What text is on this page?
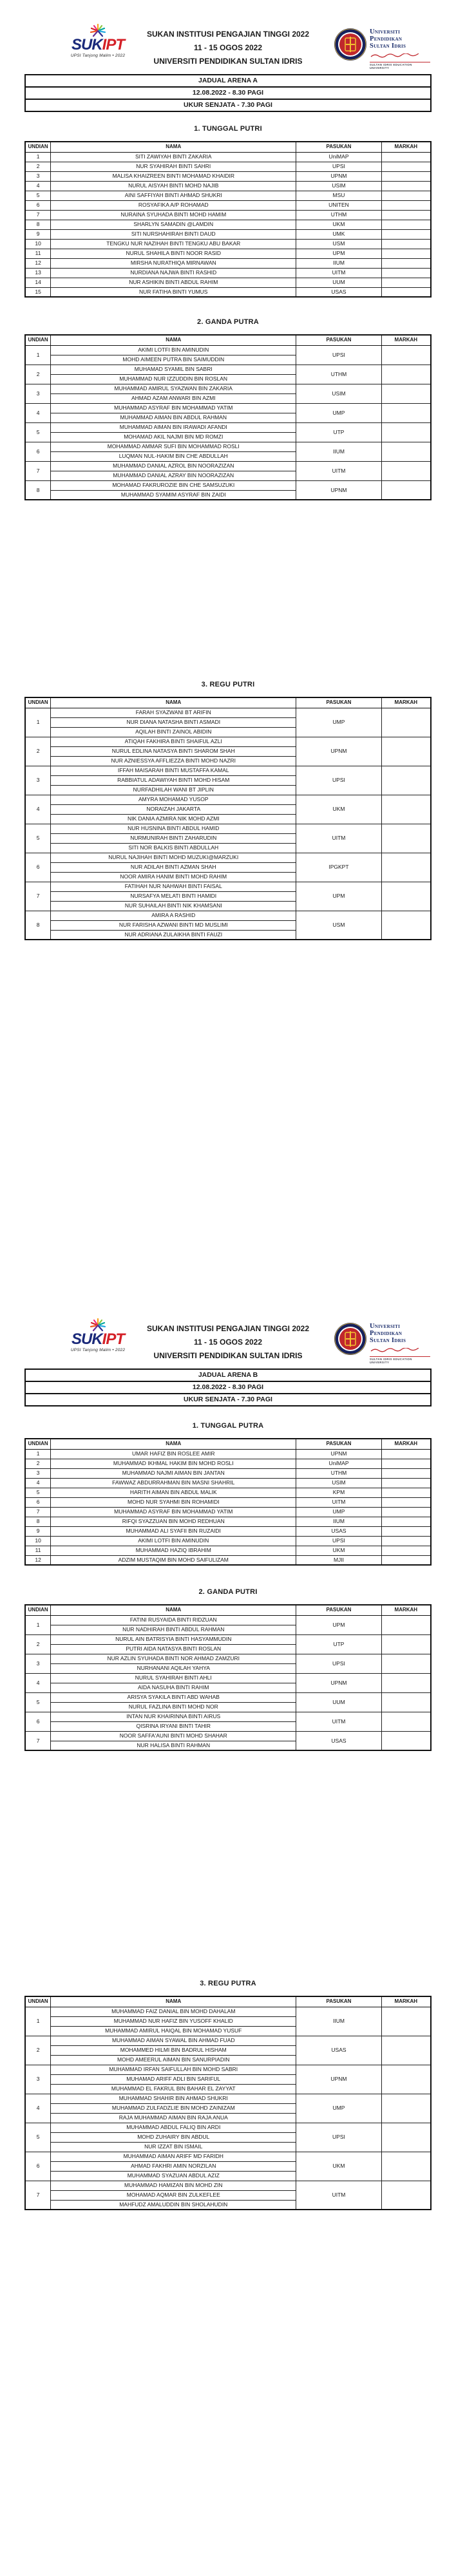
SUKIPT
UPSI Tanjong Malim • 2022
SUKAN INSTITUSI PENGAJIAN TINGGI 2022
11 - 15 OGOS 2022
UNIVERSITI PENDIDIKAN SULTAN IDRIS
Universiti
Pendidikan
Sultan Idris
SULTAN IDRIS EDUCATION UNIVERSITY
JADUAL ARENA A
12.08.2022 - 8.30 PAGI
UKUR SENJATA - 7.30 PAGI
1. TUNGGAL PUTRI
UNDIAN	NAMA	PASUKAN	MARKAH
1	SITI ZAWIYAH BINTI ZAKARIA	UniMAP	
2	NUR SYAHIRAH BINTI SAHRI	UPSI	
3	MALISA KHAIZREEN BINTI MOHAMAD KHAIDIR	UPNM	
4	NURUL AISYAH BINTI MOHD NAJIB	USIM	
5	AINI SAFFIYAH BINTI AHMAD SHUKRI	MSU	
6	ROSYAFIKA A/P ROHAMAD	UNITEN	
7	NURAINA SYUHADA BINTI MOHD HAMIM	UTHM	
8	SHARLYN SAMADIN @LAMDIN	UKM	
9	SITI NURSHAHIRAH BINTI DAUD	UMK	
10	TENGKU NUR NAZIHAH BINTI TENGKU ABU BAKAR	USM	
11	NURUL SHAHILA BINTI NOOR RASID	UPM	
12	MIRSHA NURATHIQA MIRNAWAN	IIUM	
13	NURDIANA NAJWA BINTI RASHID	UITM	
14	NUR ASHIKIN BINTI ABDUL RAHIM	UUM	
15	NUR FATIHA BINTI YUMUS	USAS	
2. GANDA PUTRA
UNDIAN	NAMA	PASUKAN	MARKAH
1	AKIMI LOTFI BIN AMINUDIN	UPSI	
	MOHD AIMEEN PUTRA BIN SAIMUDDIN		
2	MUHAMAD SYAMIL BIN SABRI	UTHM	
	MUHAMMAD NUR IZZUDDIN BIN ROSLAN		
3	MUHAMMAD AMIRUL SYAZWAN BIN ZAKARIA	USIM	
	AHMAD AZAM ANWARI BIN AZMI		
4	MUHAMMAD ASYRAF BIN MOHAMMAD YATIM	UMP	
	MUHAMMAD AIMAN BIN ABDUL RAHMAN		
5	MUHAMMAD AIMAN BIN IRAWADI AFANDI	UTP	
	MOHAMAD AKIL NAJMI BIN MD ROMZI		
6	MOHAMMAD AMMAR SUFI BIN MOHAMMAD ROSLI	IIUM	
	LUQMAN NUL-HAKIM BIN CHE ABDULLAH		
7	MUHAMMAD DANIAL AZROL BIN NOORAZIZAN	UITM	
	MUHAMMAD DANIAL AZRAY BIN NOORAZIZAN		
8	MOHAMAD FAKRUROZIE BIN CHE SAMSUZUKI	UPNM	
	MUHAMMAD SYAMIM ASYRAF BIN ZAIDI		
3. REGU PUTRI
UNDIAN	NAMA	PASUKAN	MARKAH
1	FARAH SYAZWANI BT ARIFIN	UMP	
	NUR DIANA NATASHA BINTI ASMADI		
	AQILAH BINTI ZAINOL ABIDIN		
2	ATIQAH FAKHIRA BINTI SHAIFUL AZLI	UPNM	
	NURUL EDLINA NATASYA BINTI SHAROM SHAH		
	NUR AZNIESSYA AFFLIEZZA BINTI MOHD NAZRI		
3	IFFAH MAISARAH BINTI MUSTAFFA KAMAL	UPSI	
	RABBIATUL ADAWIYAH BINTI MOHD HISAM		
	NURFADHILAH WANI BT JIPLIN		
4	AMYRA MOHAMAD YUSOP	UKM	
	NORAIZAH JAKARTA		
	NIK DANIA AZMIRA NIK MOHD AZMI		
5	NUR HUSNINA BINTI ABDUL HAMID	UITM	
	NURMUNIRAH BINTI ZAHARUDIN		
	SITI NOR BALKIS BINTI ABDULLAH		
6	NURUL NAJIHAH BINTI MOHD MUZUKI@MARZUKI	IPGKPT	
	NUR ADILAH BINTI AZMAN SHAH		
	NOOR AMIRA HANIM BINTI MOHD RAHIM		
7	FATIHAH NUR NAHWAH BINTI FAISAL	UPM	
	NURSAFYA MELATI BINTI HAMIDI		
	NUR SUHAILAH BINTI NIK KHAMSANI		
8	AMIRA A RASHID	USM	
	NUR FARISHA AZWANI BINTI MD MUSLIMI		
	NUR ADRIANA ZULAIKHA BINTI FAUZI		
SUKIPT
UPSI Tanjong Malim • 2022
SUKAN INSTITUSI PENGAJIAN TINGGI 2022
11 - 15 OGOS 2022
UNIVERSITI PENDIDIKAN SULTAN IDRIS
Universiti
Pendidikan
Sultan Idris
SULTAN IDRIS EDUCATION UNIVERSITY
JADUAL ARENA B
12.08.2022 - 8.30 PAGI
UKUR SENJATA - 7.30 PAGI
1. TUNGGAL PUTRA
UNDIAN	NAMA	PASUKAN	MARKAH
1	UMAR HAFIZ BIN ROSLEE AMIR	UPNM	
2	MUHAMMAD IKHMAL HAKIM BIN MOHD ROSLI	UniMAP	
3	MUHAMMAD NAJMI AIMAN BIN JANTAN	UTHM	
4	FAWWAZ ABDURRAHMAN BIN MASNI SHAHRIL	USIM	
5	HARITH AIMAN BIN ABDUL MALIK	KPM	
6	MOHD NUR SYAHMI BIN ROHAMIDI	UITM	
7	MUHAMMAD ASYRAF BIN MOHAMMAD YATIM	UMP	
8	RIFQI SYAZZUAN BIN MOHD REDHUAN	IIUM	
9	MUHAMMAD ALI SYAFII BIN RUZAIDI	USAS	
10	AKIMI LOTFI BIN AMINUDIN	UPSI	
11	MUHAMMAD HAZIQ IBRAHIM	UKM	
12	ADZIM MUSTAQIM BIN MOHD SAIFULIZAM	MJII	
2. GANDA PUTRI
UNDIAN	NAMA	PASUKAN	MARKAH
1	FATINI RUSYAIDA BINTI RIDZUAN	UPM	
	NUR NADHIRAH BINTI ABDUL RAHMAN		
2	NURUL AIN BATRISYIA BINTI HASYAMMUDIN	UTP	
	PUTRI AIDA NATASYA BINTI ROSLAN		
3	NUR AZLIN SYUHADA BINTI NOR AHMAD ZAMZURI	UPSI	
	NURHANANI AQILAH YAHYA		
4	NURUL SYAHIRAH BINTI AHLI	UPNM	
	AIDA NASUHA BINTI RAHIM		
5	ARISYA SYAKILA BINTI ABD WAHAB	UUM	
	NURUL FAZLINA BINTI MOHD NOR		
6	INTAN NUR KHAIRINNA BINTI AIRUS	UITM	
	QISRINA IRYANI BINTI TAHIR		
7	NOOR SAFFA'AUNI BINTI MOHD SHAHAR	USAS	
	NUR HALISA BINTI RAHMAN		
3. REGU PUTRA
UNDIAN	NAMA	PASUKAN	MARKAH
1	MUHAMMAD FAIZ DANIAL BIN MOHD DAHALAM	IIUM	
	MUHAMMAD NUR HAFIZ BIN YUSOFF KHALID		
	MUHAMMAD AMIRUL HAIQAL BIN MOHAMAD YUSUF		
2	MUHAMMAD AIMAN SYAWAL BIN AHMAD FUAD	USAS	
	MOHAMMED HILMI BIN BADRUL HISHAM		
	MOHD AMEERUL AIMAN BIN SANURPIADIN		
3	MUHAMMAD IRFAN SAIFULLAH BIN MOHD SABRI	UPNM	
	MUHAMAD ARIFF ADLI BIN SARIFUL		
	MUHAMMAD EL FAKRUL BIN BAHAR EL ZAYYAT		
4	MUHAMMAD SHAHIR BIN AHMAD SHUKRI	UMP	
	MUHAMMAD ZULFADZLIE BIN MOHD ZAINIZAM		
	RAJA MUHAMMAD AIMAN BIN RAJA ANUA		
5	MUHAMMAD ABDUL FALIQ BIN ARDI	UPSI	
	MOHD ZUHAIRY BIN ABDUL		
	NUR IZZAT BIN ISMAIL		
6	MUHAMMAD AIMAN ARIFF MD FARIDH	UKM	
	AHMAD FAKHRI AMIN NORZILAN		
	MUHAMMAD SYAZUAN ABDUL AZIZ		
7	MUHAMMAD HAMIZAN BIN MOHD ZIN	UITM	
	MOHAMAD AQMAR BIN ZULKEFLEE		
	MAHFUDZ AMALUDDIN BIN SHOLAHUDIN		
